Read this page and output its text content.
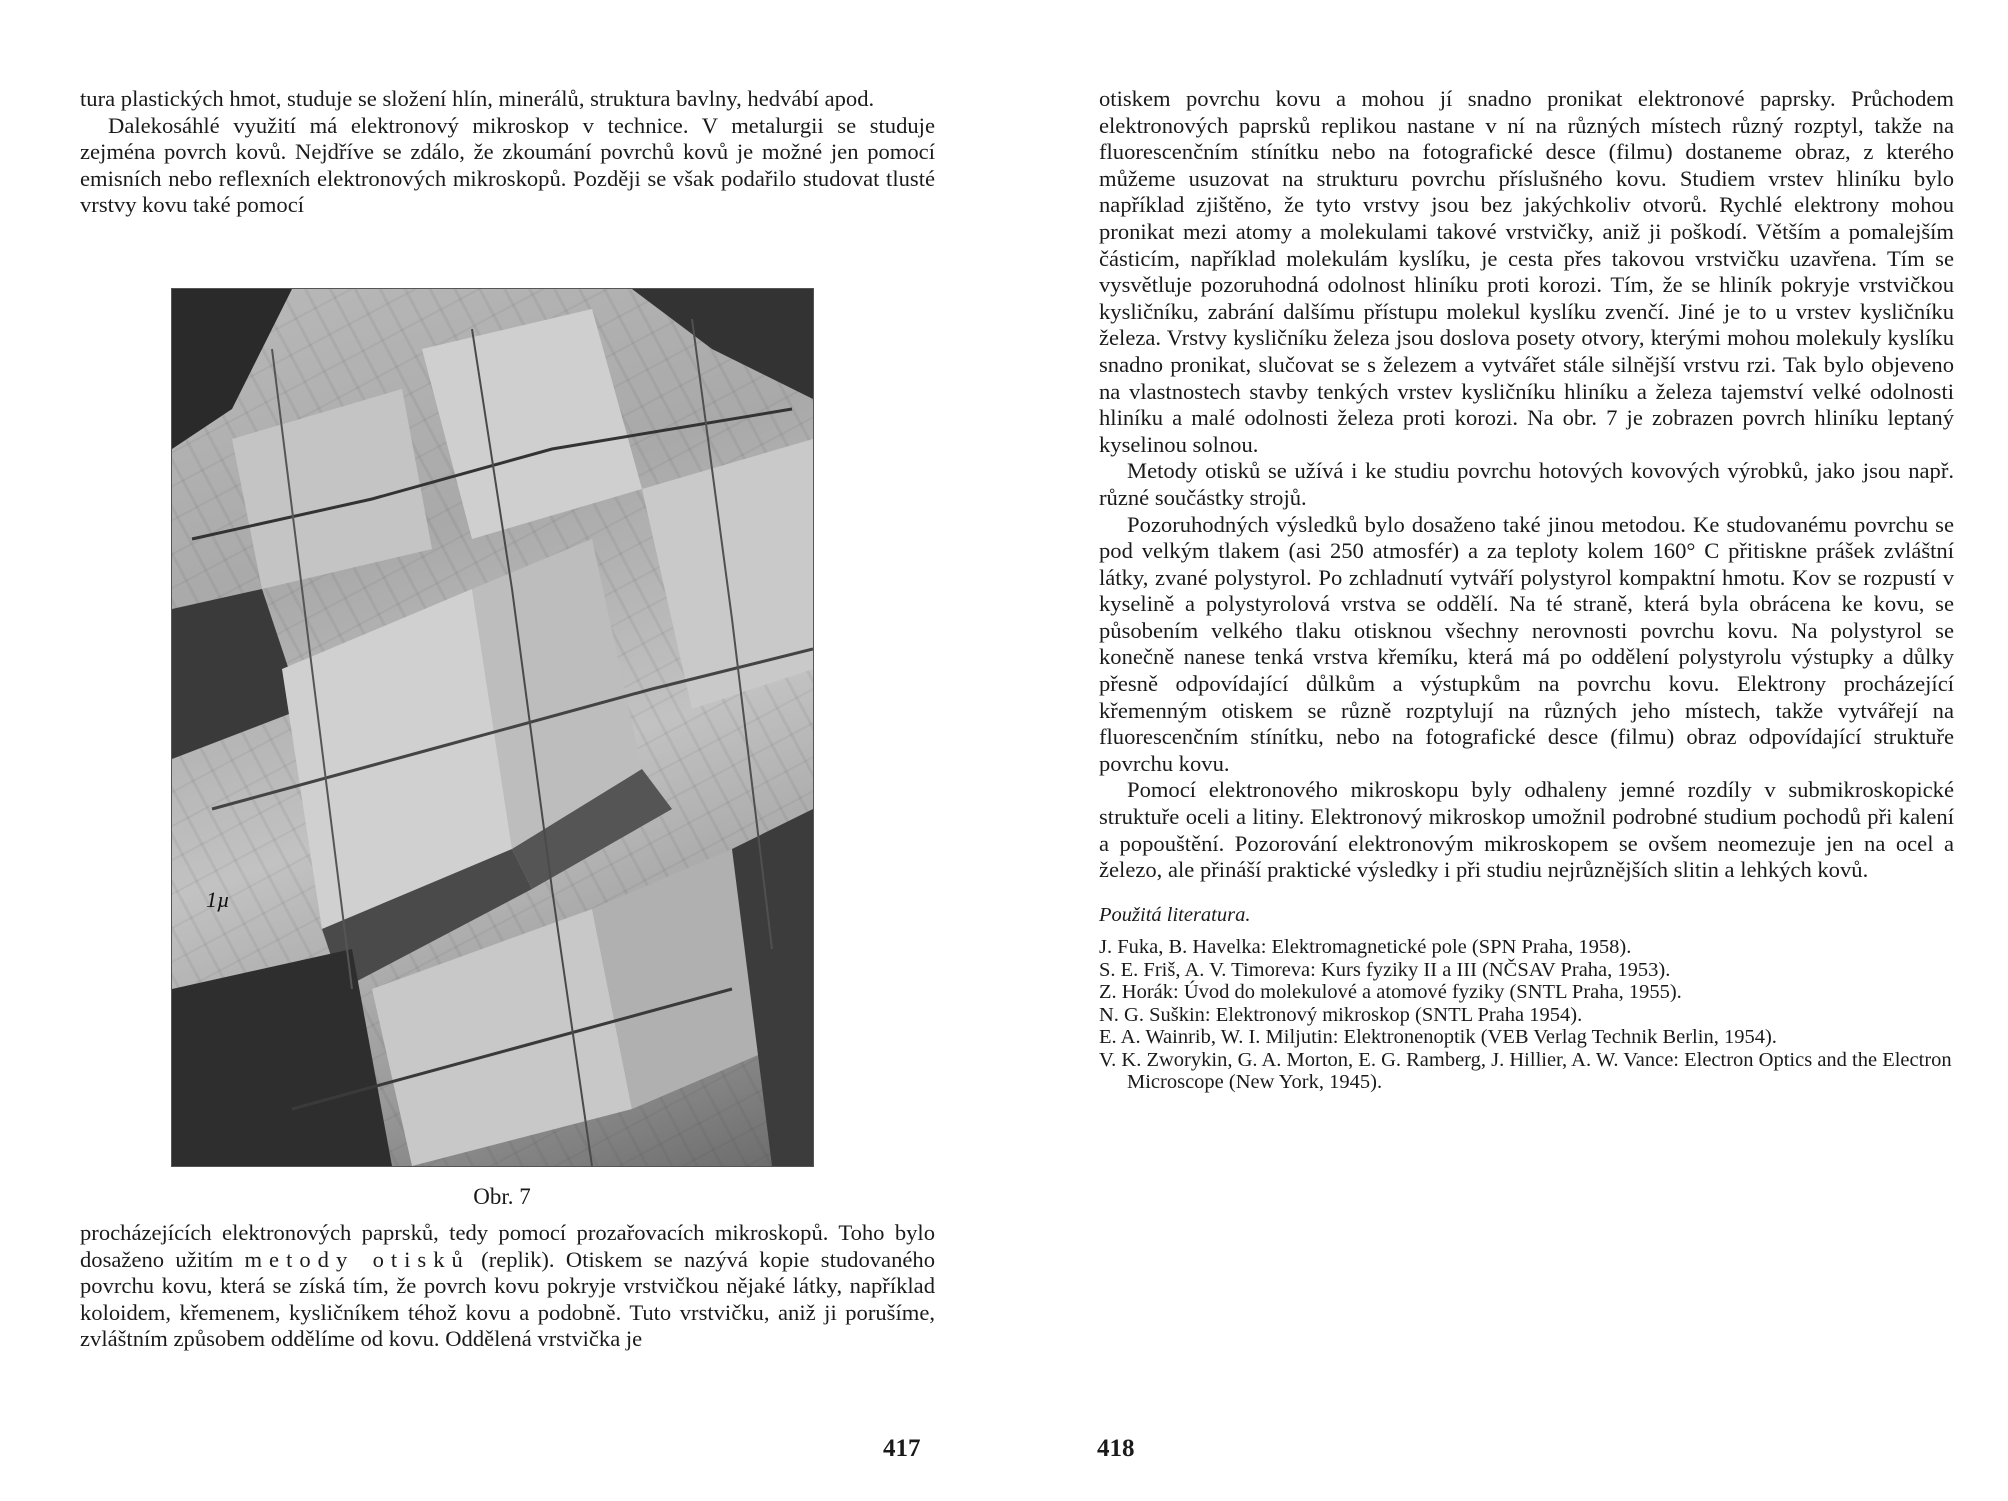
tura plastických hmot, studuje se složení hlín, minerálů, struktura bavlny, hedvábí apod.

Dalekosáhlé využití má elektronový mikroskop v technice. V metalurgii se studuje zejména povrch kovů. Nejdříve se zdálo, že zkoumání povrchů kovů je možné jen pomocí emisních nebo reflexních elektronových mikroskopů. Později se však podařilo studovat tlusté vrstvy kovu také pomocí

1µ
Obr. 7

procházejících elektronových paprsků, tedy pomocí prozařovacích mikroskopů. Toho bylo dosaženo užitím metody otisků (replik). Otiskem se nazývá kopie studovaného povrchu kovu, která se získá tím, že povrch kovu pokryje vrstvičkou nějaké látky, například koloidem, křemenem, kysličníkem téhož kovu a podobně. Tuto vrstvičku, aniž ji porušíme, zvláštním způsobem oddělíme od kovu. Oddělená vrstvička je

417

otiskem povrchu kovu a mohou jí snadno pronikat elektronové paprsky. Průchodem elektronových paprsků replikou nastane v ní na různých místech různý rozptyl, takže na fluorescenčním stínítku nebo na fotografické desce (filmu) dostaneme obraz, z kterého můžeme usuzovat na strukturu povrchu příslušného kovu. Studiem vrstev hliníku bylo například zjištěno, že tyto vrstvy jsou bez jakýchkoliv otvorů. Rychlé elektrony mohou pronikat mezi atomy a molekulami takové vrstvičky, aniž ji poškodí. Větším a pomalejším částicím, například molekulám kyslíku, je cesta přes takovou vrstvičku uzavřena. Tím se vysvětluje pozoruhodná odolnost hliníku proti korozi. Tím, že se hliník pokryje vrstvičkou kysličníku, zabrání dalšímu přístupu molekul kyslíku zvenčí. Jiné je to u vrstev kysličníku železa. Vrstvy kysličníku železa jsou doslova posety otvory, kterými mohou molekuly kyslíku snadno pronikat, slučovat se s železem a vytvářet stále silnější vrstvu rzi. Tak bylo objeveno na vlastnostech stavby tenkých vrstev kysličníku hliníku a železa tajemství velké odolnosti hliníku a malé odolnosti železa proti korozi. Na obr. 7 je zobrazen povrch hliníku leptaný kyselinou solnou.

Metody otisků se užívá i ke studiu povrchu hotových kovových výrobků, jako jsou např. různé součástky strojů.

Pozoruhodných výsledků bylo dosaženo také jinou metodou. Ke studovanému povrchu se pod velkým tlakem (asi 250 atmosfér) a za teploty kolem 160° C přitiskne prášek zvláštní látky, zvané polystyrol. Po zchladnutí vytváří polystyrol kompaktní hmotu. Kov se rozpustí v kyselině a polystyrolová vrstva se oddělí. Na té straně, která byla obrácena ke kovu, se působením velkého tlaku otisknou všechny nerovnosti povrchu kovu. Na polystyrol se konečně nanese tenká vrstva křemíku, která má po oddělení polystyrolu výstupky a důlky přesně odpovídající důlkům a výstupkům na povrchu kovu. Elektrony procházející křemenným otiskem se různě rozptylují na různých jeho místech, takže vytvářejí na fluorescenčním stínítku, nebo na fotografické desce (filmu) obraz odpovídající struktuře povrchu kovu.

Pomocí elektronového mikroskopu byly odhaleny jemné rozdíly v submikroskopické struktuře oceli a litiny. Elektronový mikroskop umožnil podrobné studium pochodů při kalení a popouštění. Pozorování elektronovým mikroskopem se ovšem neomezuje jen na ocel a železo, ale přináší praktické výsledky i při studiu nejrůznějších slitin a lehkých kovů.

Použitá literatura.
J. Fuka, B. Havelka: Elektromagnetické pole (SPN Praha, 1958).
S. E. Friš, A. V. Timoreva: Kurs fyziky II a III (NČSAV Praha, 1953).
Z. Horák: Úvod do molekulové a atomové fyziky (SNTL Praha, 1955).
N. G. Suškin: Elektronový mikroskop (SNTL Praha 1954).
E. A. Wainrib, W. I. Miljutin: Elektronenoptik (VEB Verlag Technik Berlin, 1954).
V. K. Zworykin, G. A. Morton, E. G. Ramberg, J. Hillier, A. W. Vance: Electron Optics and the Electron Microscope (New York, 1945).
418
